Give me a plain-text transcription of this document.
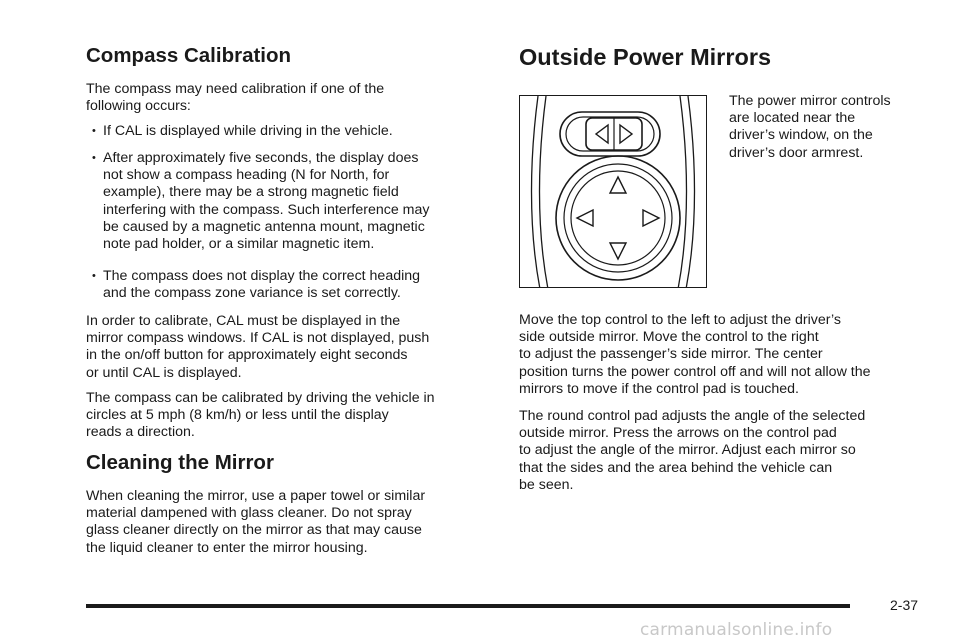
Compass Calibration

The compass may need calibration if one of the
following occurs:

• If CAL is displayed while driving in the vehicle.
• After approximately five seconds, the display does
not show a compass heading (N for North, for
example), there may be a strong magnetic field
interfering with the compass. Such interference may
be caused by a magnetic antenna mount, magnetic
note pad holder, or a similar magnetic item.
• The compass does not display the correct heading
and the compass zone variance is set correctly.

In order to calibrate, CAL must be displayed in the
mirror compass windows. If CAL is not displayed, push
in the on/off button for approximately eight seconds
or until CAL is displayed.

The compass can be calibrated by driving the vehicle in
circles at 5 mph (8 km/h) or less until the display
reads a direction.

Cleaning the Mirror

When cleaning the mirror, use a paper towel or similar
material dampened with glass cleaner. Do not spray
glass cleaner directly on the mirror as that may cause
the liquid cleaner to enter the mirror housing.

Outside Power Mirrors

The power mirror controls
are located near the
driver’s window, on the
driver’s door armrest.

Move the top control to the left to adjust the driver’s
side outside mirror. Move the control to the right
to adjust the passenger’s side mirror. The center
position turns the power control off and will not allow the
mirrors to move if the control pad is touched.

The round control pad adjusts the angle of the selected
outside mirror. Press the arrows on the control pad
to adjust the angle of the mirror. Adjust each mirror so
that the sides and the area behind the vehicle can
be seen.

2-37
carmanualsonline.info
